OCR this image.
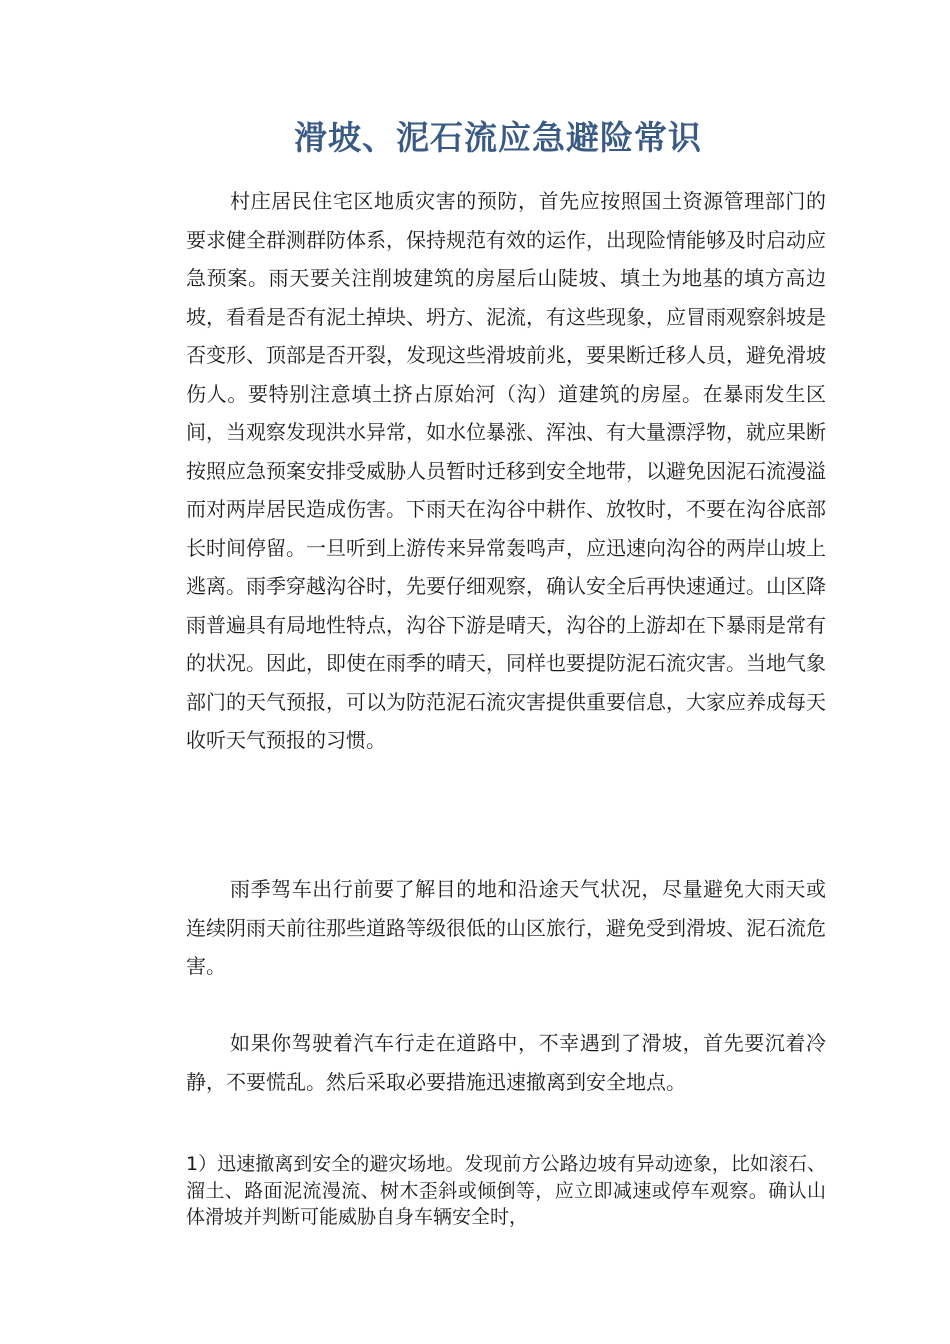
滑坡、泥石流应急避险常识

村庄居民住宅区地质灾害的预防，首先应按照国土资源管理部门的要求健全群测群防体系，保持规范有效的运作，出现险情能够及时启动应急预案。雨天要关注削坡建筑的房屋后山陡坡、填土为地基的填方高边坡，看看是否有泥土掉块、坍方、泥流，有这些现象，应冒雨观察斜坡是否变形、顶部是否开裂，发现这些滑坡前兆，要果断迁移人员，避免滑坡伤人。要特别注意填土挤占原始河（沟）道建筑的房屋。在暴雨发生区间，当观察发现洪水异常，如水位暴涨、浑浊、有大量漂浮物，就应果断按照应急预案安排受威胁人员暂时迁移到安全地带，以避免因泥石流漫溢而对两岸居民造成伤害。下雨天在沟谷中耕作、放牧时，不要在沟谷底部长时间停留。一旦听到上游传来异常轰鸣声，应迅速向沟谷的两岸山坡上逃离。雨季穿越沟谷时，先要仔细观察，确认安全后再快速通过。山区降雨普遍具有局地性特点，沟谷下游是晴天，沟谷的上游却在下暴雨是常有的状况。因此，即使在雨季的晴天，同样也要提防泥石流灾害。当地气象部门的天气预报，可以为防范泥石流灾害提供重要信息，大家应养成每天收听天气预报的习惯。

雨季驾车出行前要了解目的地和沿途天气状况，尽量避免大雨天或连续阴雨天前往那些道路等级很低的山区旅行，避免受到滑坡、泥石流危害。

如果你驾驶着汽车行走在道路中，不幸遇到了滑坡，首先要沉着冷静，不要慌乱。然后采取必要措施迅速撤离到安全地点。

1）迅速撤离到安全的避灾场地。发现前方公路边坡有异动迹象，比如滚石、溜土、路面泥流漫流、树木歪斜或倾倒等，应立即减速或停车观察。确认山体滑坡并判断可能威胁自身车辆安全时，
